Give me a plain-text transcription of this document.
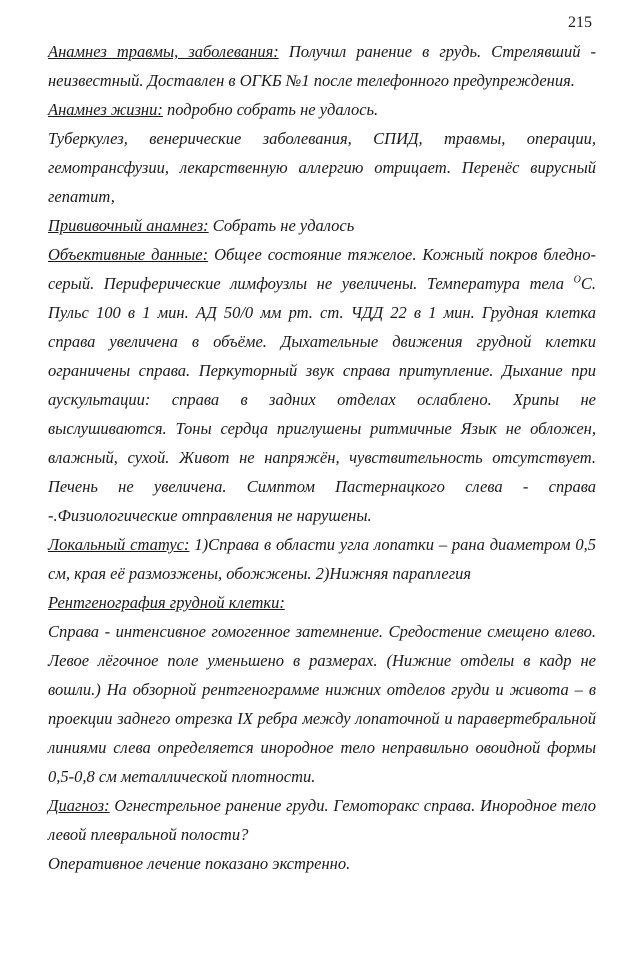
215

Анамнез травмы, заболевания: Получил ранение в грудь. Стрелявший - неизвестный. Доставлен в ОГКБ №1 после телефонного предупреждения.

Анамнез жизни: подробно собрать не удалось.

Туберкулез, венерические заболевания, СПИД, травмы, операции, гемотрансфузии, лекарственную аллергию отрицает. Перенёс вирусный гепатит,

Прививочный анамнез: Собрать не удалось

Объективные данные: Общее состояние тяжелое. Кожный покров бледно-серый. Периферические лимфоузлы не увеличены. Температура тела $^O$С. Пульс 100 в 1 мин. АД 50/0 мм рт. ст. ЧДД 22 в 1 мин. Грудная клетка справа увеличена в объёме. Дыхательные движения грудной клетки ограничены справа. Перкуторный звук справа притупление. Дыхание при аускультации: справа в задних отделах ослаблено. Хрипы не выслушиваются. Тоны сердца приглушены ритмичные Язык не обложен, влажный, сухой. Живот не напряжён, чувствительность отсутствует. Печень не увеличена. Симптом Пастернацкого слева - справа -.Физиологические отправления не нарушены.

Локальный статус: 1)Справа в области угла лопатки – рана диаметром 0,5 см, края её размозжены, обожжены. 2)Нижняя параплегия

Рентгенография грудной клетки:

Справа - интенсивное гомогенное затемнение. Средостение смещено влево. Левое лёгочное поле уменьшено в размерах. (Нижние отделы в кадр не вошли.) На обзорной рентгенограмме нижних отделов груди и живота – в проекции заднего отрезка IX ребра между лопаточной и паравертебральной линиями слева определяется инородное тело неправильно овоидной формы 0,5-0,8 см металлической плотности.

Диагноз: Огнестрельное ранение груди. Гемоторакс справа. Инородное тело левой плевральной полости?

Оперативное лечение показано экстренно.
